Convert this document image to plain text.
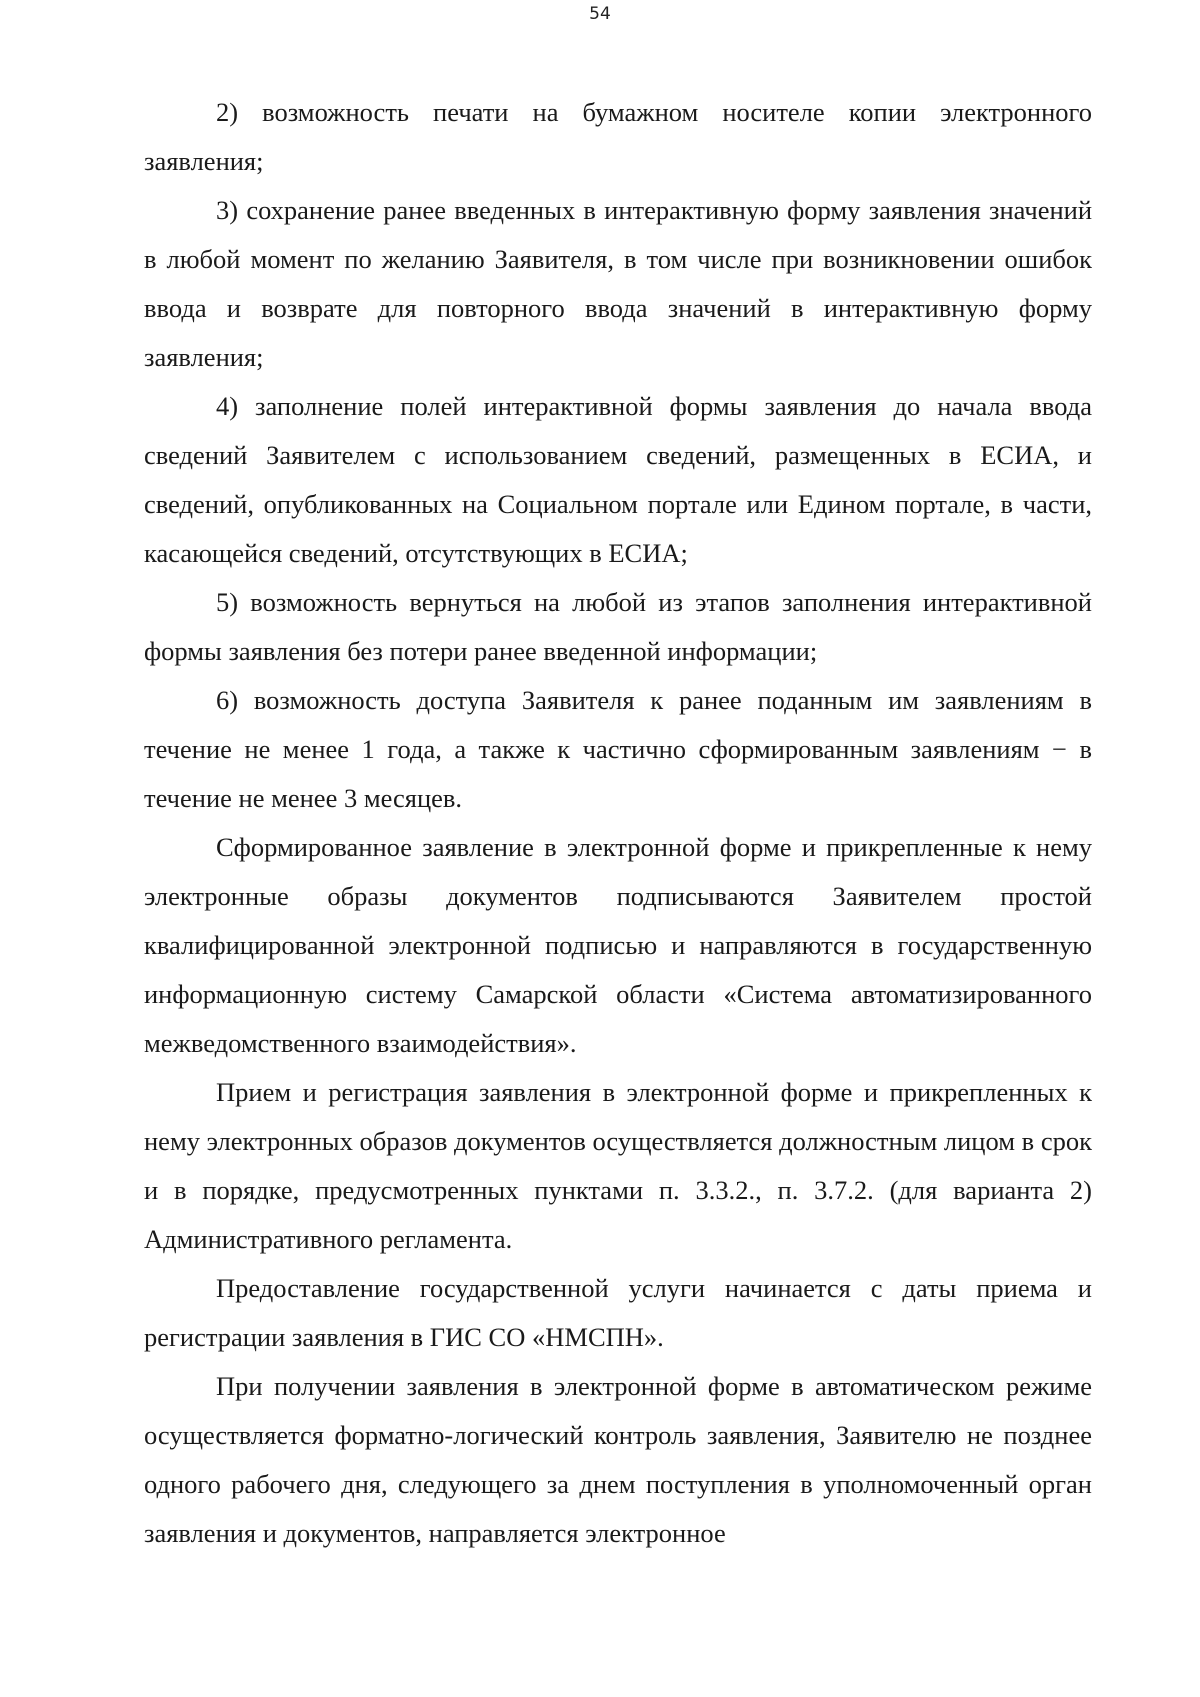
54

2) возможность печати на бумажном носителе копии электронного заявления;

3) сохранение ранее введенных в интерактивную форму заявления значений в любой момент по желанию Заявителя, в том числе при возникновении ошибок ввода и возврате для повторного ввода значений в интерактивную форму заявления;

4) заполнение полей интерактивной формы заявления до начала ввода сведений Заявителем с использованием сведений, размещенных в ЕСИА, и сведений, опубликованных на Социальном портале или Едином портале, в части, касающейся сведений, отсутствующих в ЕСИА;

5) возможность вернуться на любой из этапов заполнения интерактивной формы заявления без потери ранее введенной информации;

6) возможность доступа Заявителя к ранее поданным им заявлениям в течение не менее 1 года, а также к частично сформированным заявлениям − в течение не менее 3 месяцев.

Сформированное заявление в электронной форме и прикрепленные к нему электронные образы документов подписываются Заявителем простой квалифицированной электронной подписью и направляются в государственную информационную систему Самарской области «Система автоматизированного межведомственного взаимодействия».

Прием и регистрация заявления в электронной форме и прикрепленных к нему электронных образов документов осуществляется должностным лицом в срок и в порядке, предусмотренных пунктами п. 3.3.2., п. 3.7.2. (для варианта 2) Административного регламента.

Предоставление государственной услуги начинается с даты приема и регистрации заявления в ГИС СО «НМСПН».

При получении заявления в электронной форме в автоматическом режиме осуществляется форматно-логический контроль заявления, Заявителю не позднее одного рабочего дня, следующего за днем поступления в уполномоченный орган заявления и документов, направляется электронное
